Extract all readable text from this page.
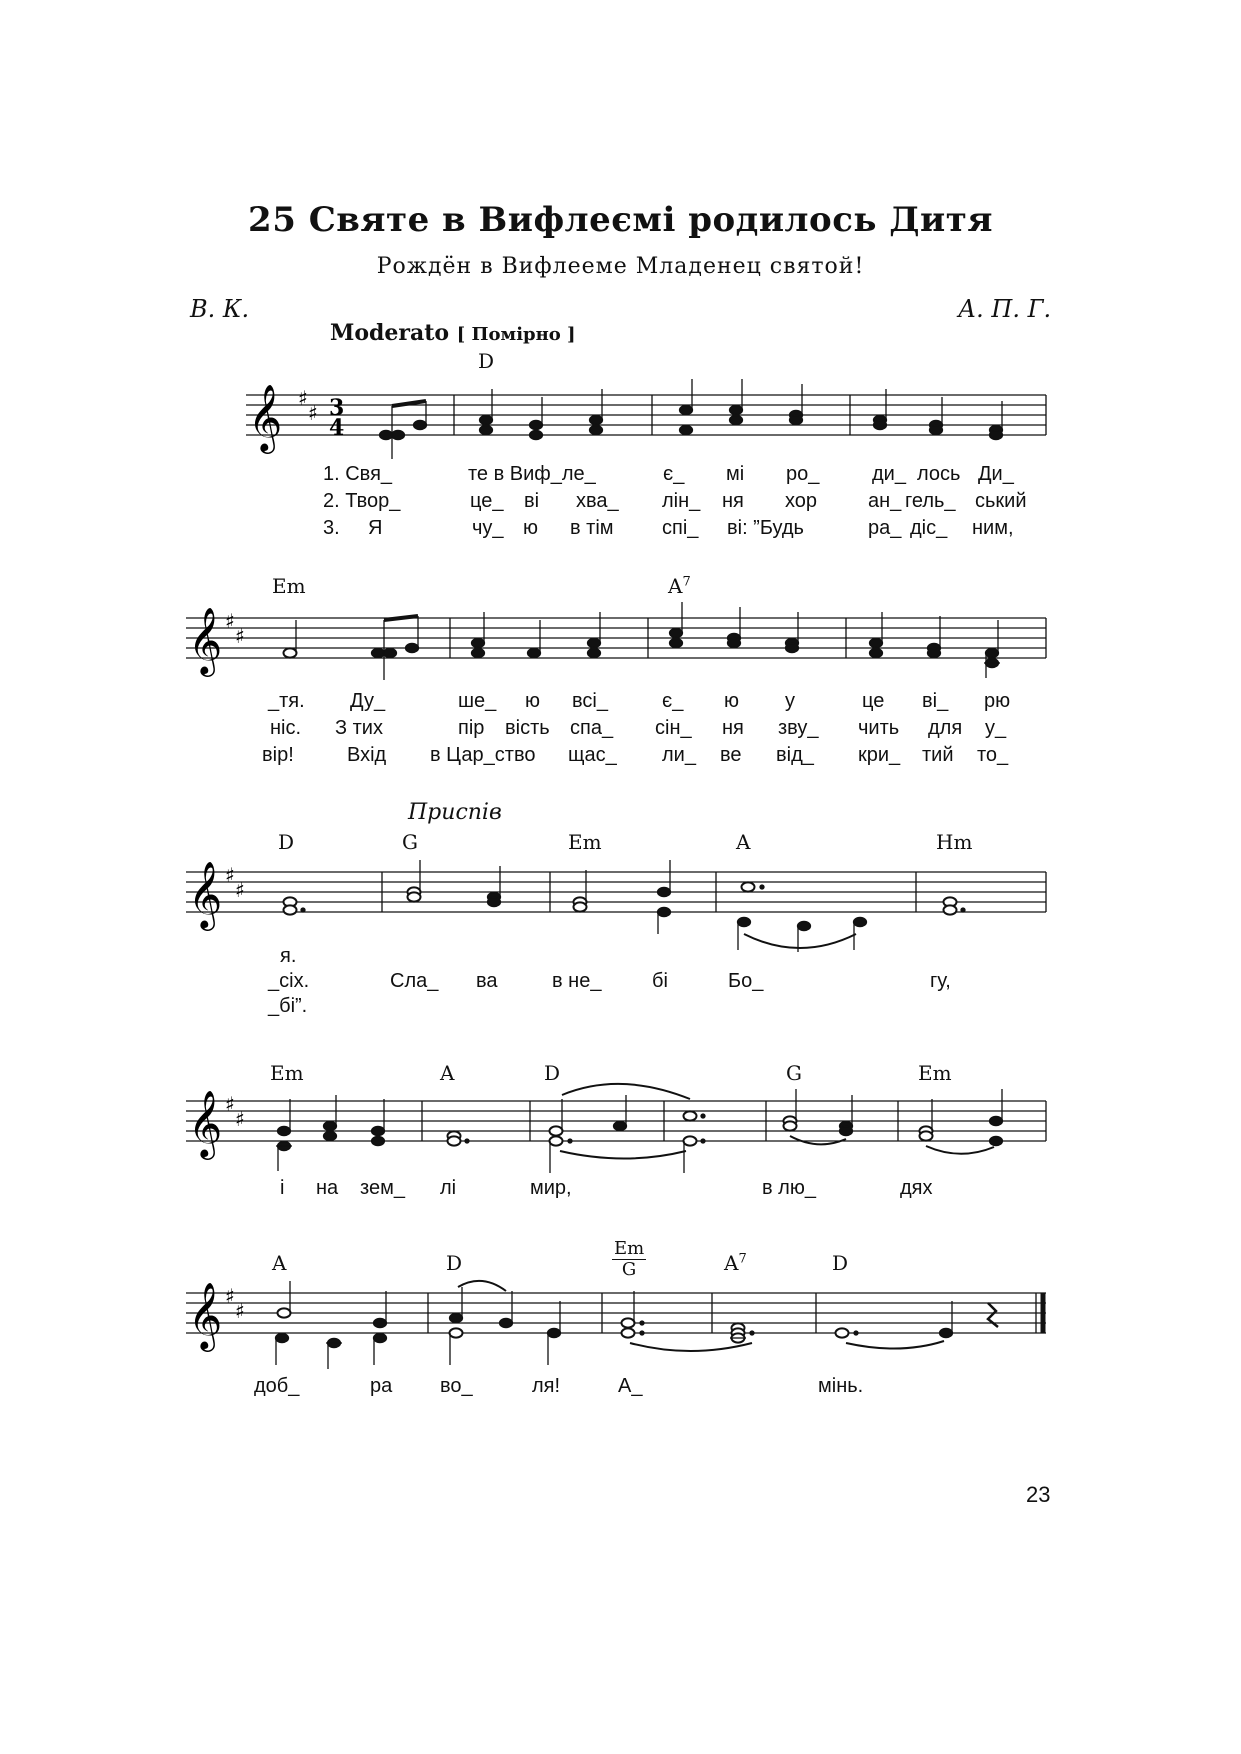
25 Святе в Вифлеємі родилось Дитя
Рождён в Вифлееме Младенец святой!
В. К.	А. П. Г.
Moderato [ Помірно ]
D
𝄞 ♯
♯ 3
4
1. Свя_	те в Виф_ле_	є_ мі ро_	ди_ лось Ди_
2. Твор_	це_ ві хва_ лін_ ня хор	ан_ гель_ ський
3. Я	чу_ ю в тім спі_ ві: ”Будь	ра_ діс_ ним,
Em	$A^7$
𝄞 ♯
♯
_тя. Ду_	ше_ ю всі_	є_ ю у	це ві_ рю
ніс. З тих	пір вість спа_ сін_ ня зву_ чить для у_
вір!	Вхід в Цар_ство щас_ ли_ ве від_ кри_ тий то_
Приспів
D	G	Em	A	Hm
𝄞 ♯
♯
я.
_сіх.	Сла_ ва	в не_	бі	Бо_	гу,
_бі”.
Em	A	D	G	Em
𝄞 ♯
♯
і на зем_ лі	мир,	в лю_	дях
A	D	$\frac{Em}{G}$	$A^7$	D
𝄞 ♯
♯
доб_	ра во_	ля!	А_	мінь.
23
